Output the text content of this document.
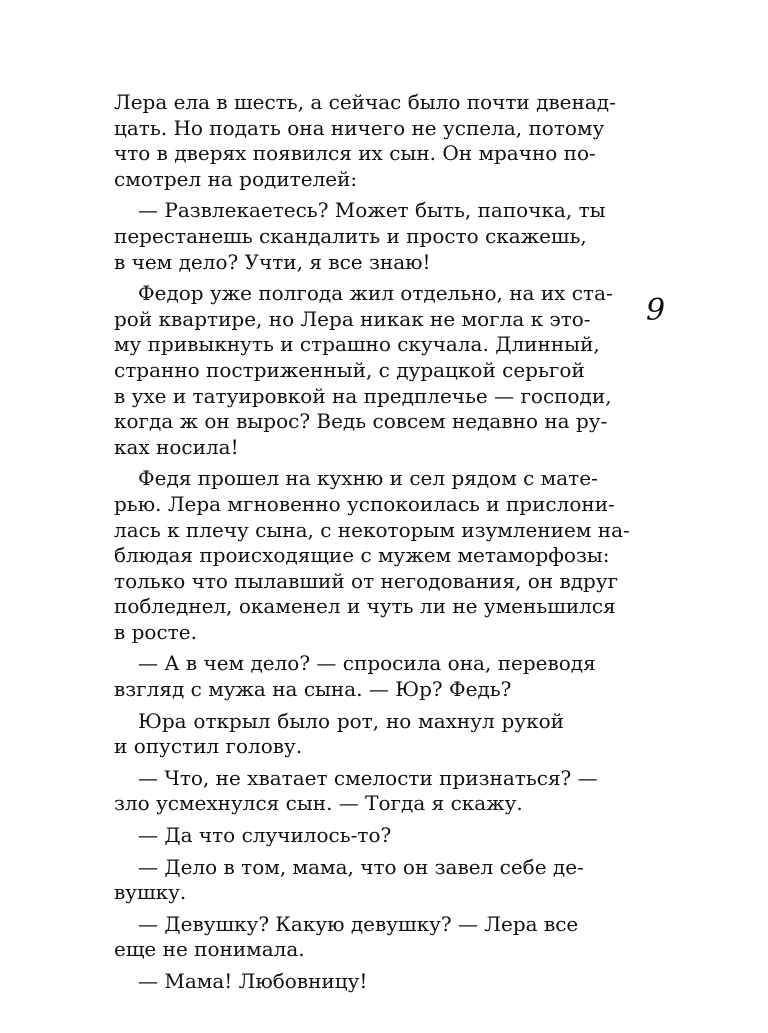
Лера ела в шесть, а сейчас было почти двенад-
цать. Но подать она ничего не успела, потому
что в дверях появился их сын. Он мрачно по-
смотрел на родителей:
— Развлекаетесь? Может быть, папочка, ты
перестанешь скандалить и просто скажешь,
в чем дело? Учти, я все знаю!
Федор уже полгода жил отдельно, на их ста-
рой квартире, но Лера никак не могла к это-
му привыкнуть и страшно скучала. Длинный,
странно постриженный, с дурацкой серьгой
в ухе и татуировкой на предплечье — господи,
когда ж он вырос? Ведь совсем недавно на ру-
ках носила!
Федя прошел на кухню и сел рядом с мате-
рью. Лера мгновенно успокоилась и прислони-
лась к плечу сына, с некоторым изумлением на-
блюдая происходящие с мужем метаморфозы:
только что пылавший от негодования, он вдруг
побледнел, окаменел и чуть ли не уменьшился
в росте.
— А в чем дело? — спросила она, переводя
взгляд с мужа на сына. — Юр? Федь?
Юра открыл было рот, но махнул рукой
и опустил голову.
— Что, не хватает смелости признаться? —
зло усмехнулся сын. — Тогда я скажу.
— Да что случилось-то?
— Дело в том, мама, что он завел себе де-
вушку.
— Девушку? Какую девушку? — Лера все
еще не понимала.
— Мама! Любовницу!
9
